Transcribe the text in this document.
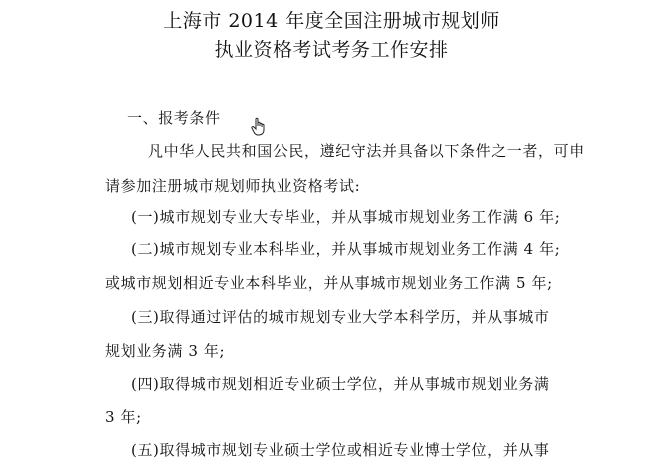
上海市 2014 年度全国注册城市规划师
执业资格考试考务工作安排
一、报考条件
凡中华人民共和国公民，遵纪守法并具备以下条件之一者，可申
请参加注册城市规划师执业资格考试:
(一)城市规划专业大专毕业，并从事城市规划业务工作满 6 年;
(二)城市规划专业本科毕业，并从事城市规划业务工作满 4 年;
或城市规划相近专业本科毕业，并从事城市规划业务工作满 5 年;
(三)取得通过评估的城市规划专业大学本科学历，并从事城市
规划业务满 3 年;
(四)取得城市规划相近专业硕士学位，并从事城市规划业务满
3 年;
(五)取得城市规划专业硕士学位或相近专业博士学位，并从事
